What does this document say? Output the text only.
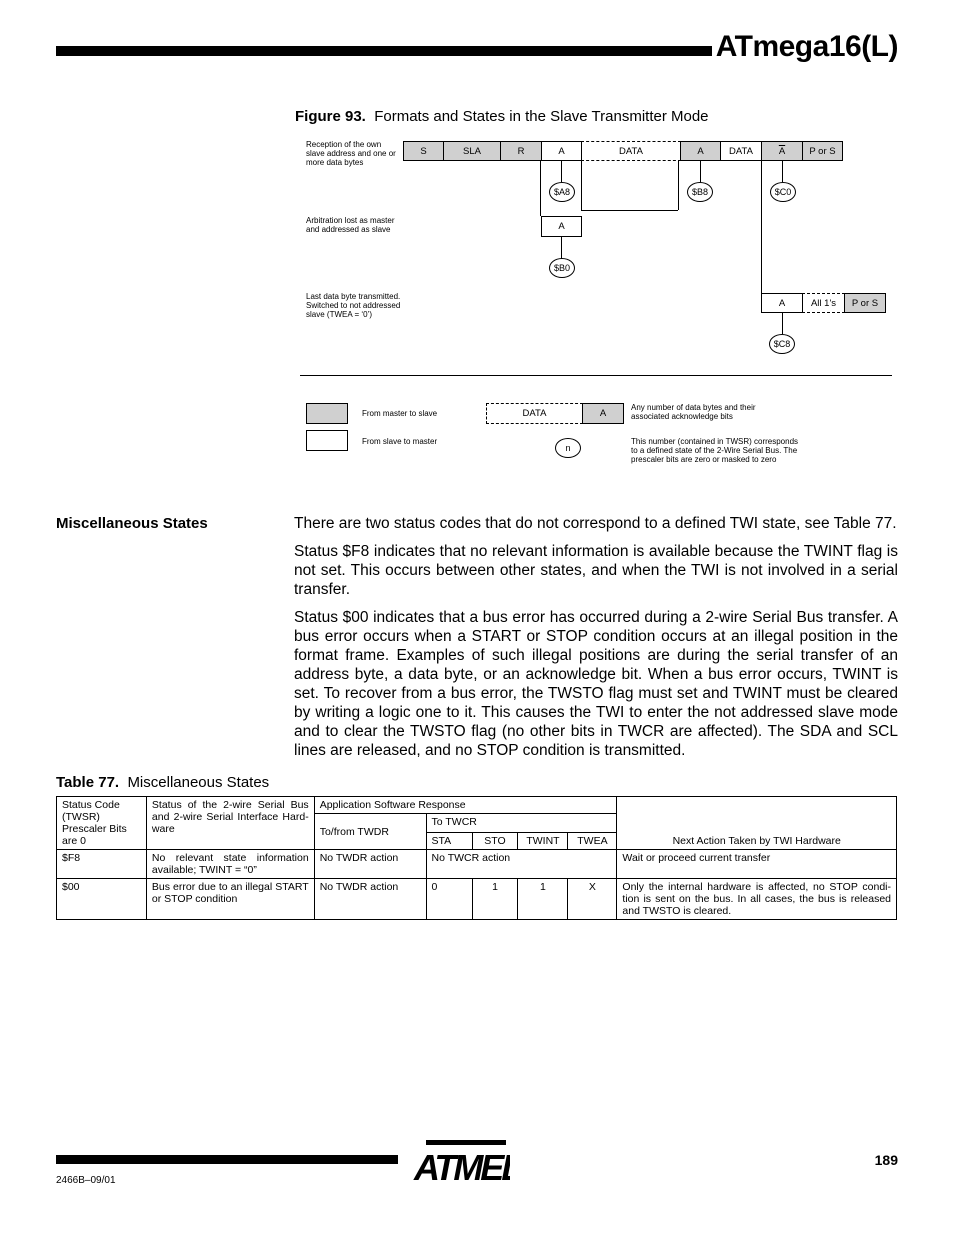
ATmega16(L)
Figure 93. Formats and States in the Slave Transmitter Mode
Reception of the own slave address and one or more data bytes
S	SLA	R	A	DATA	A	DATA	$\overline{A}$	P or S
$A8	$B8	$C0
Arbitration lost as master and addressed as slave	A
$B0
Last data byte transmitted. Switched to not addressed slave (TWEA = ‘0’)
A	All 1's	P or S
$C8
From master to slave
From slave to master
DATA	A
Any number of data bytes and their associated acknowledge bits
n
This number (contained in TWSR) corresponds to a defined state of the 2-Wire Serial Bus. The prescaler bits are zero or masked to zero
Miscellaneous States	There are two status codes that do not correspond to a defined TWI state, see Table 77.
Status $F8 indicates that no relevant information is available because the TWINT flag is not set. This occurs between other states, and when the TWI is not involved in a serial transfer.
Status $00 indicates that a bus error has occurred during a 2-wire Serial Bus transfer. A bus error occurs when a START or STOP condition occurs at an illegal position in the format frame. Examples of such illegal positions are during the serial transfer of an address byte, a data byte, or an acknowledge bit. When a bus error occurs, TWINT is set. To recover from a bus error, the TWSTO flag must set and TWINT must be cleared by writing a logic one to it. This causes the TWI to enter the not addressed slave mode and to clear the TWSTO flag (no other bits in TWCR are affected). The SDA and SCL lines are released, and no STOP condition is transmitted.
Table 77. Miscellaneous States
Status Code (TWSR) Prescaler Bits are 0	Status of the 2-wire Serial Bus and 2-wire Serial Interface Hard-ware	Application Software Response					Next Action Taken by TWI Hardware
		To/from TWDR	To TWCR				
			STA	STO	TWINT	TWEA	
$F8	No relevant state information available; TWINT = “0”	No TWDR action	No TWCR action				Wait or proceed current transfer
$00	Bus error due to an illegal START or STOP condition	No TWDR action	0	1	1	X	Only the internal hardware is affected, no STOP condi-tion is sent on the bus. In all cases, the bus is released and TWSTO is cleared.
ATMEL	189
2466B–09/01
